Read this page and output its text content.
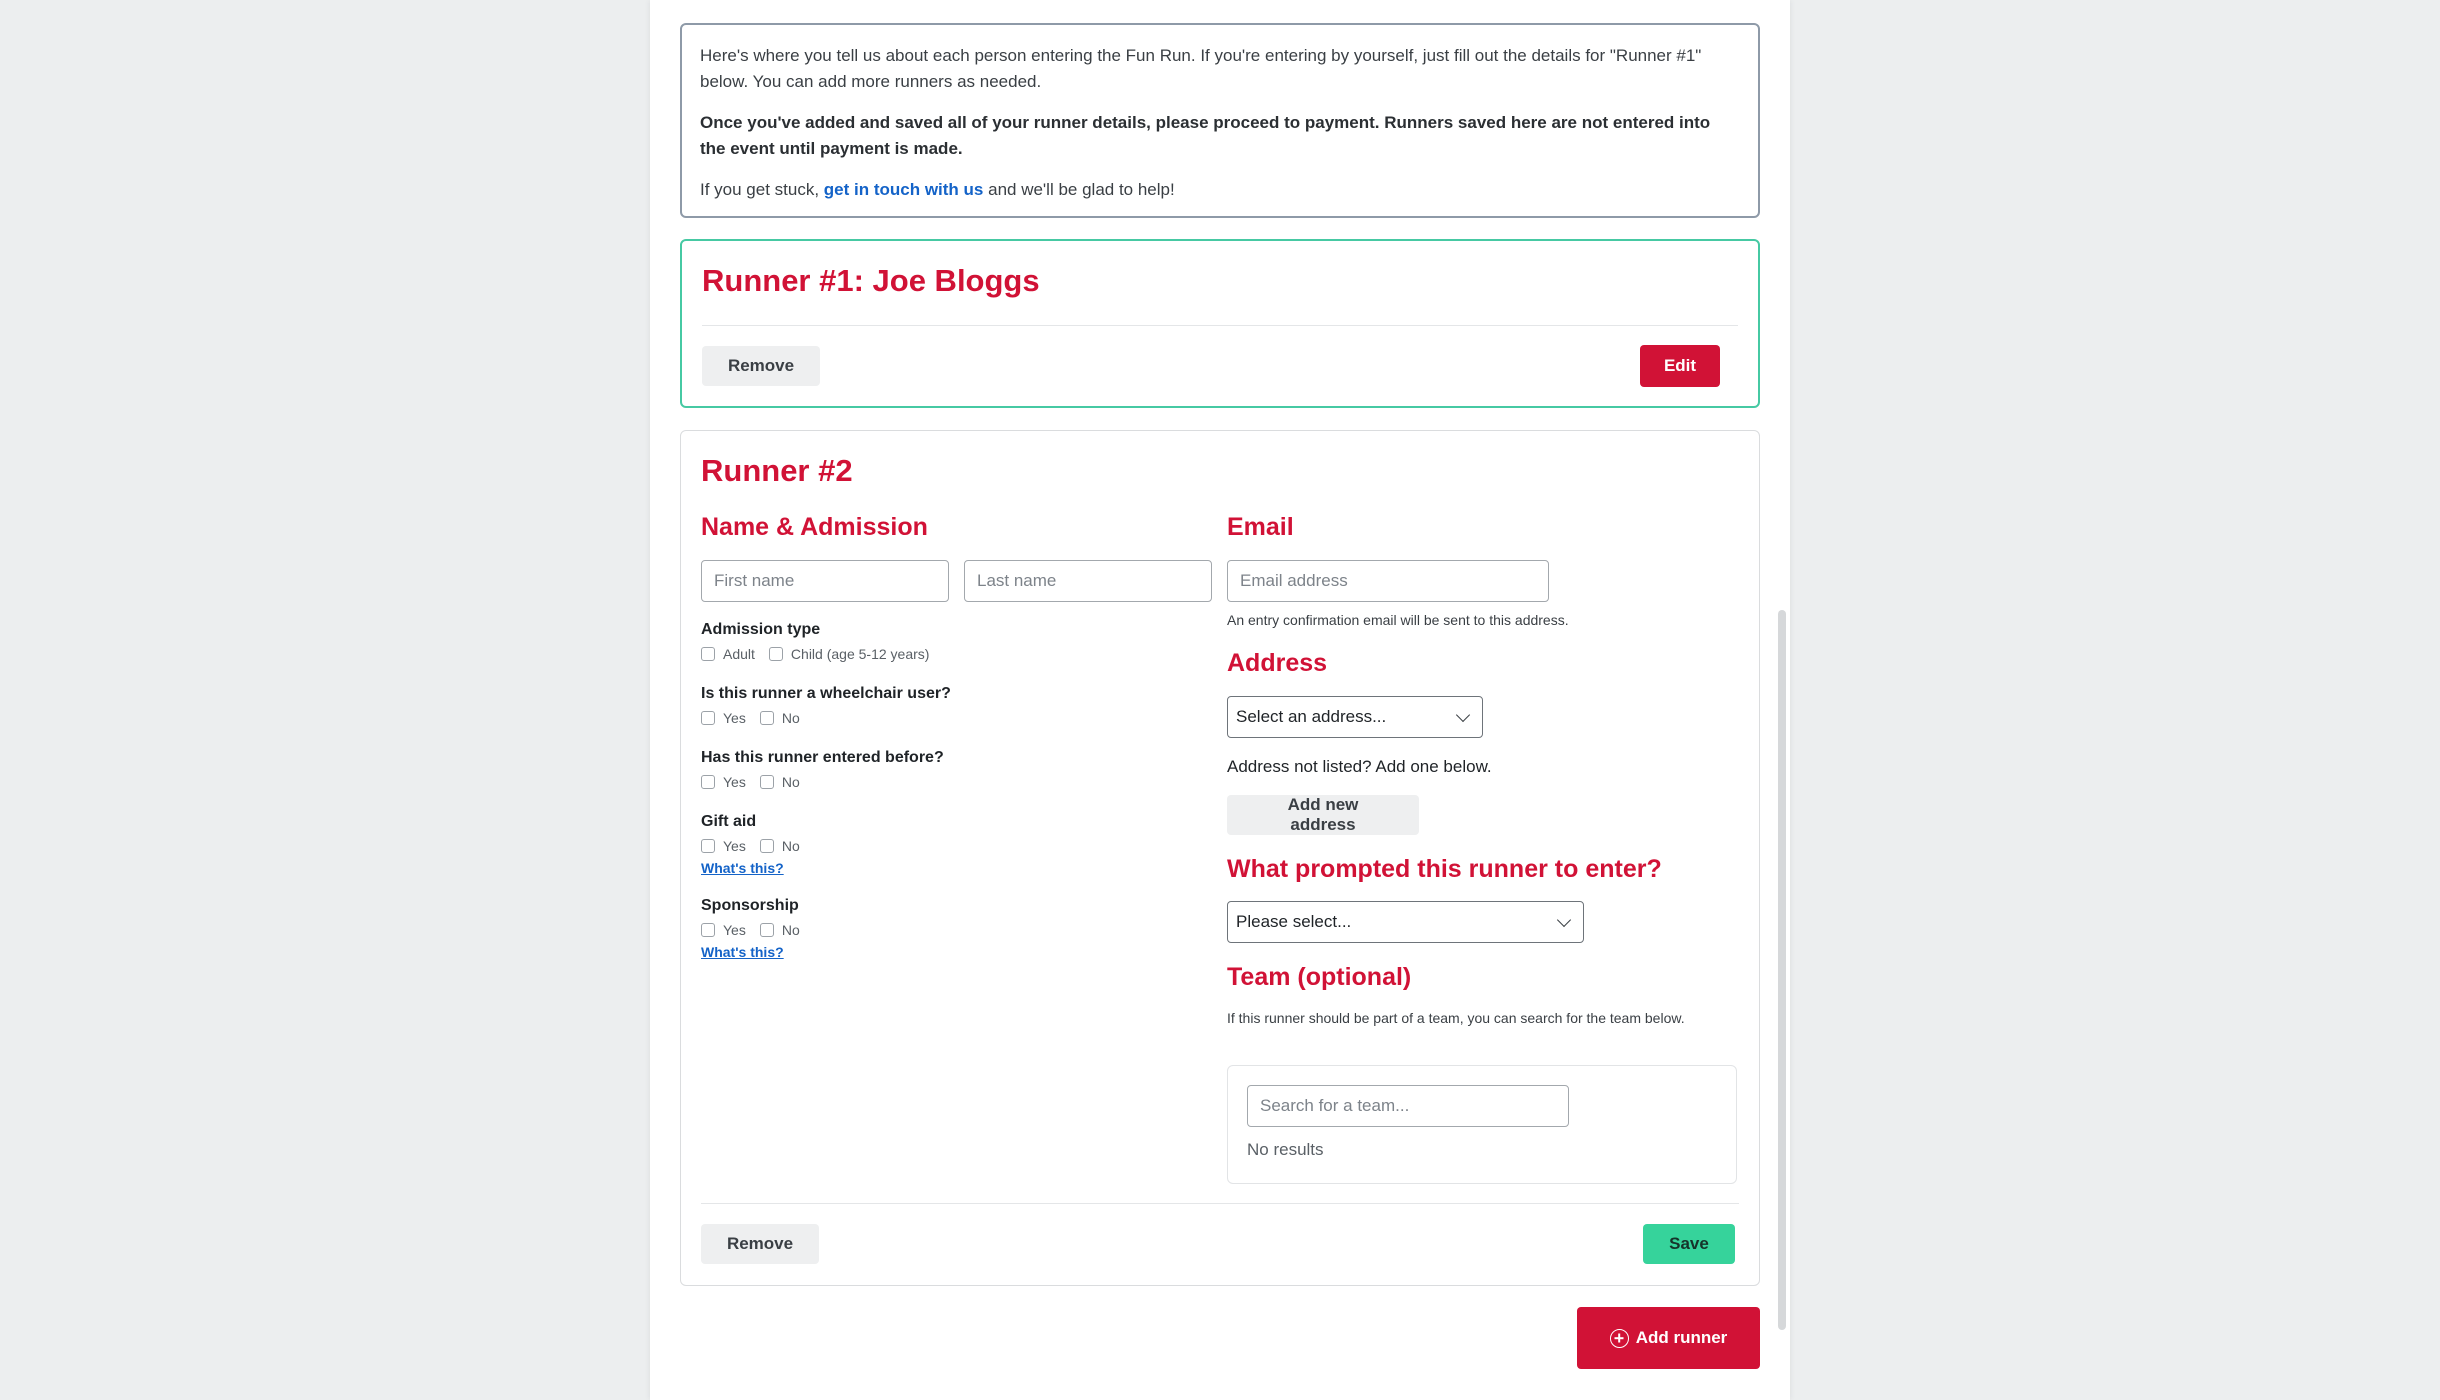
Here's where you tell us about each person entering the Fun Run. If you're entering by yourself, just fill out the details for "Runner #1" below. You can add more runners as needed.

Once you've added and saved all of your runner details, please proceed to payment. Runners saved here are not entered into the event until payment is made.

If you get stuck, get in touch with us and we'll be glad to help!

Runner #1: Joe Bloggs
Remove	Edit
Runner #2
Name & Admission
First name
Last name
Admission type
Adult	Child (age 5-12 years)
Is this runner a wheelchair user?
Yes	No
Has this runner entered before?
Yes	No
Gift aid
Yes	No
What's this?
Sponsorship
Yes	No
What's this?
Email
Email address
An entry confirmation email will be sent to this address.
Address
Select an address...
Address not listed? Add one below.
Add new address
What prompted this runner to enter?
Please select...
Team (optional)
If this runner should be part of a team, you can search for the team below.
Search for a team...
No results
Remove	Save
Add runner
